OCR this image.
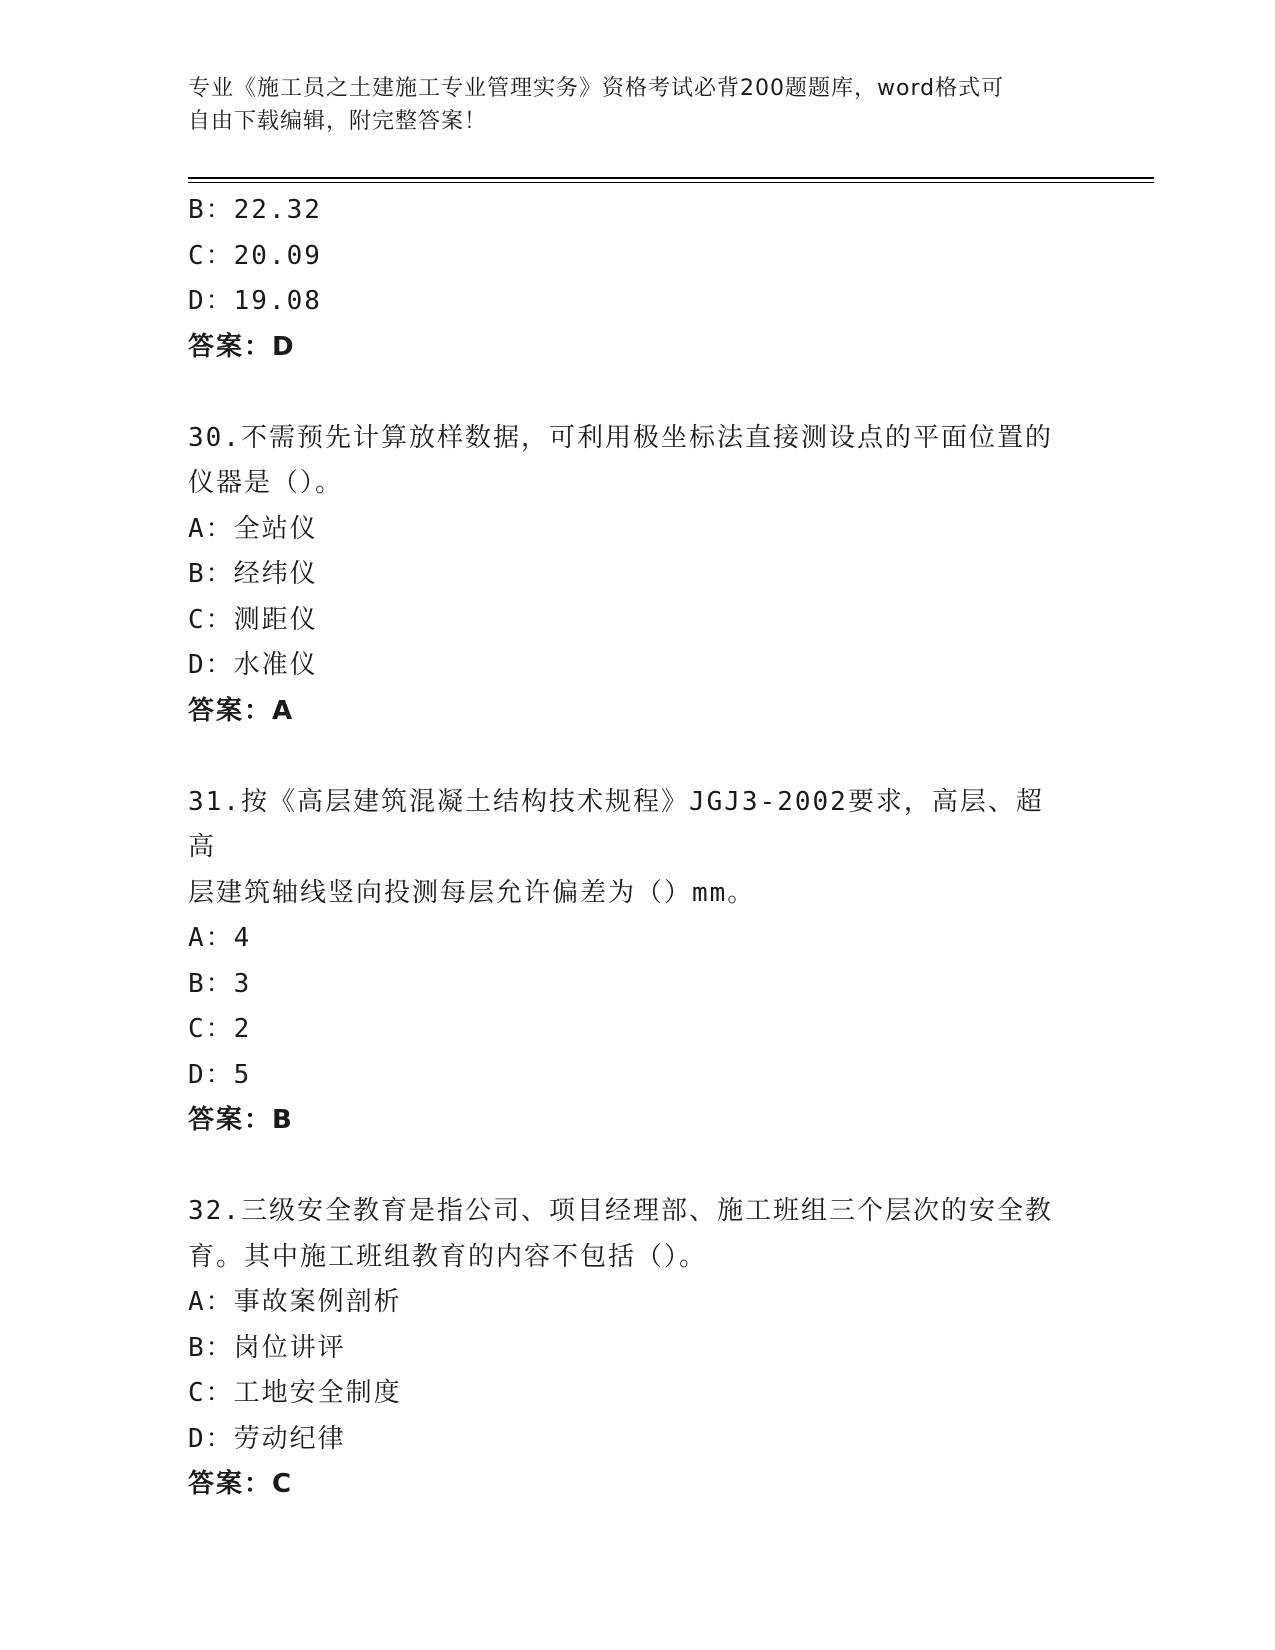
专业《施工员之土建施工专业管理实务》资格考试必背200题题库，word格式可
自由下载编辑，附完整答案！
B：22.32
C：20.09
D：19.08
答案：D
30.不需预先计算放样数据，可利用极坐标法直接测设点的平面位置的
仪器是（）。
A：全站仪
B：经纬仪
C：测距仪
D：水准仪
答案：A
31.按《高层建筑混凝土结构技术规程》JGJ3-2002要求，高层、超高
层建筑轴线竖向投测每层允许偏差为（）mm。
A：4
B：3
C：2
D：5
答案：B
32.三级安全教育是指公司、项目经理部、施工班组三个层次的安全教
育。其中施工班组教育的内容不包括（）。
A：事故案例剖析
B：岗位讲评
C：工地安全制度
D：劳动纪律
答案：C
